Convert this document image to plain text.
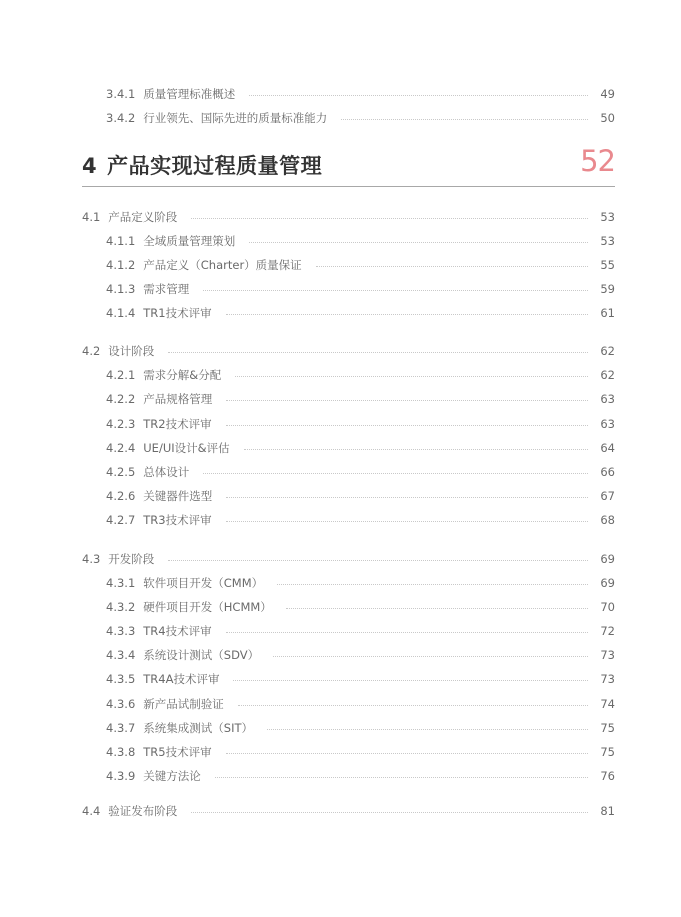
3.4.1 质量管理标准概述	49
3.4.2 行业领先、国际先进的质量标准能力	50
4 产品实现过程质量管理	52
4.1 产品定义阶段	53
4.1.1 全域质量管理策划	53
4.1.2 产品定义（Charter）质量保证	55
4.1.3 需求管理	59
4.1.4 TR1技术评审	61
4.2 设计阶段	62
4.2.1 需求分解&分配	62
4.2.2 产品规格管理	63
4.2.3 TR2技术评审	63
4.2.4 UE/UI设计&评估	64
4.2.5 总体设计	66
4.2.6 关键器件选型	67
4.2.7 TR3技术评审	68
4.3 开发阶段	69
4.3.1 软件项目开发（CMM）	69
4.3.2 硬件项目开发（HCMM）	70
4.3.3 TR4技术评审	72
4.3.4 系统设计测试（SDV）	73
4.3.5 TR4A技术评审	73
4.3.6 新产品试制验证	74
4.3.7 系统集成测试（SIT）	75
4.3.8 TR5技术评审	75
4.3.9 关键方法论	76
4.4 验证发布阶段	81
